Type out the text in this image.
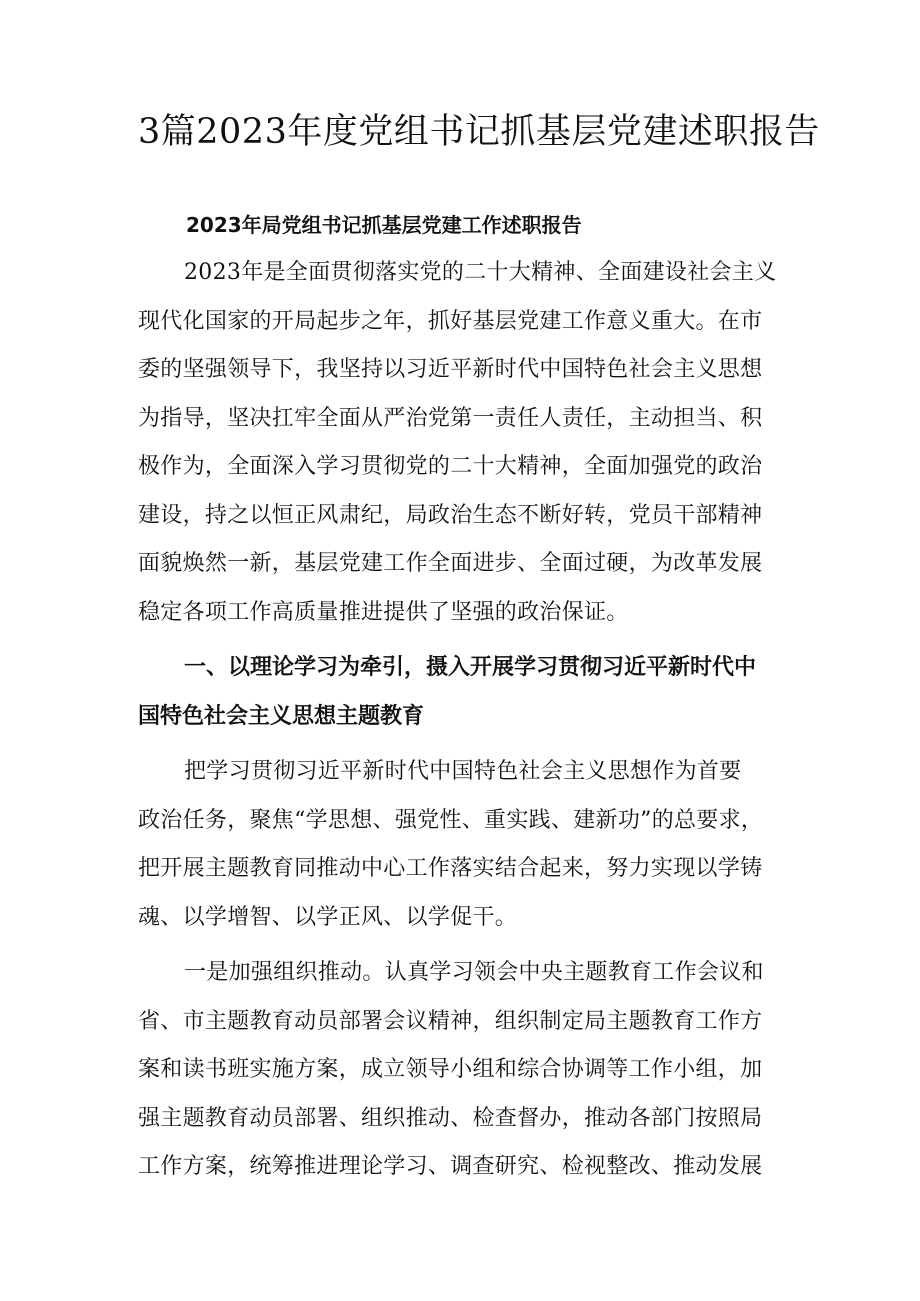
3篇2023年度党组书记抓基层党建述职报告
2023年局党组书记抓基层党建工作述职报告

2023年是全面贯彻落实党的二十大精神、全面建设社会主义
现代化国家的开局起步之年，抓好基层党建工作意义重大。在市
委的坚强领导下，我坚持以习近平新时代中国特色社会主义思想
为指导，坚决扛牢全面从严治党第一责任人责任，主动担当、积
极作为，全面深入学习贯彻党的二十大精神，全面加强党的政治
建设，持之以恒正风肃纪，局政治生态不断好转，党员干部精神
面貌焕然一新，基层党建工作全面进步、全面过硬，为改革发展
稳定各项工作高质量推进提供了坚强的政治保证。

一、以理论学习为牵引，摄入开展学习贯彻习近平新时代中
国特色社会主义思想主题教育

把学习贯彻习近平新时代中国特色社会主义思想作为首要
政治任务，聚焦“学思想、强党性、重实践、建新功”的总要求，
把开展主题教育同推动中心工作落实结合起来，努力实现以学铸
魂、以学增智、以学正风、以学促干。

一是加强组织推动。认真学习领会中央主题教育工作会议和
省、市主题教育动员部署会议精神，组织制定局主题教育工作方
案和读书班实施方案，成立领导小组和综合协调等工作小组，加
强主题教育动员部署、组织推动、检查督办，推动各部门按照局
工作方案，统筹推进理论学习、调查研究、检视整改、推动发展
